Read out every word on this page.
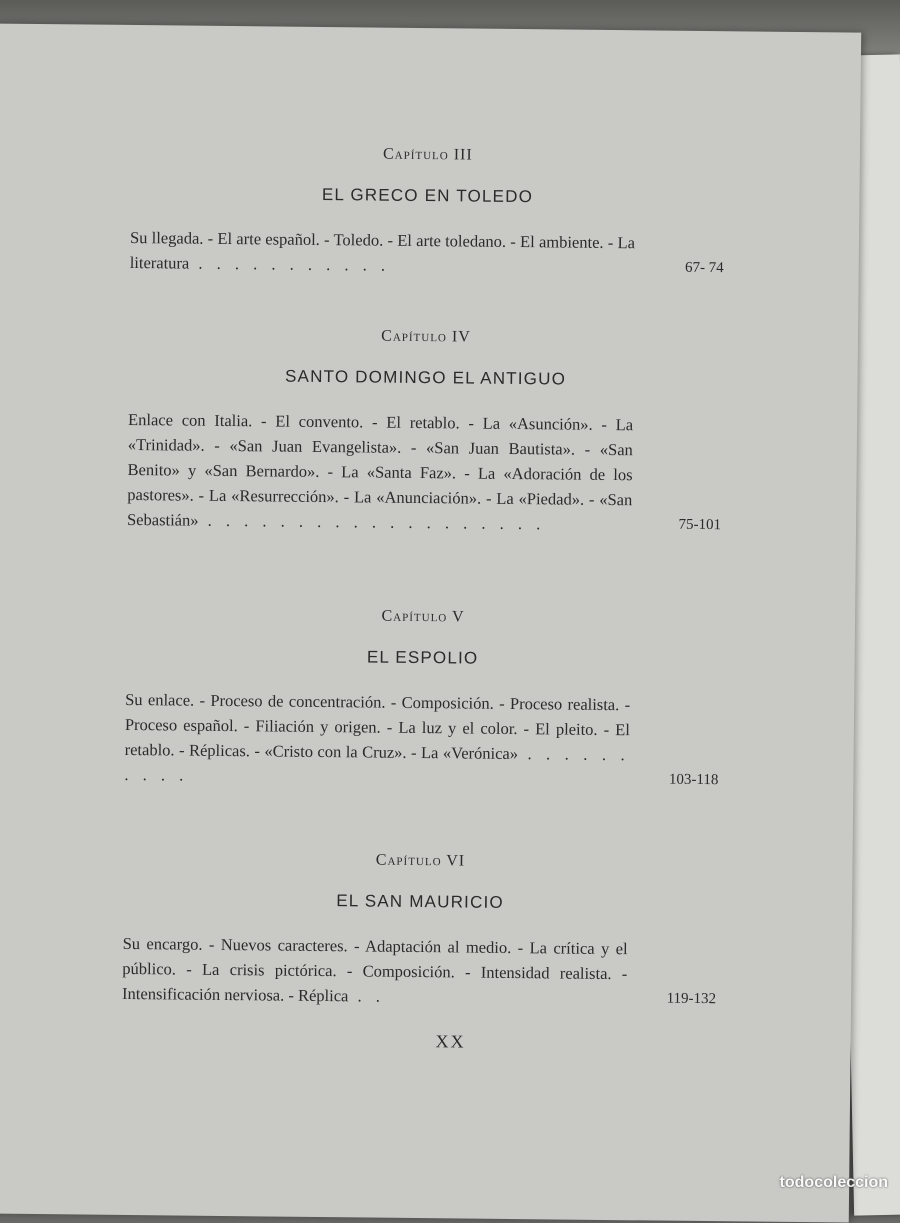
Capítulo III
EL GRECO EN TOLEDO
Su llegada. - El arte español. - Toledo. - El arte toledano. - El ambiente. - La literatura . . . . . . . . . . .	67- 74
Capítulo IV
SANTO DOMINGO EL ANTIGUO
Enlace con Italia. - El convento. - El retablo. - La «Asunción». - La «Trinidad». - «San Juan Evangelista». - «San Juan Bautista». - «San Benito» y «San Bernardo». - La «Santa Faz». - La «Adoración de los pastores». - La «Resurrección». - La «Anunciación». - La «Piedad». - «San Sebastián» . . . . . . . . . . . . . . . . . . .	75-101
Capítulo V
EL ESPOLIO
Su enlace. - Proceso de concentración. - Composición. - Proceso realista. - Proceso español. - Filiación y origen. - La luz y el color. - El pleito. - El retablo. - Réplicas. - «Cristo con la Cruz». - La «Verónica» . . . . . . . . . .	103-118
Capítulo VI
EL SAN MAURICIO
Su encargo. - Nuevos caracteres. - Adaptación al medio. - La crítica y el público. - La crisis pictórica. - Composición. - Intensidad realista. - Intensificación nerviosa. - Réplica . .	119-132
XX
todocoleccion
